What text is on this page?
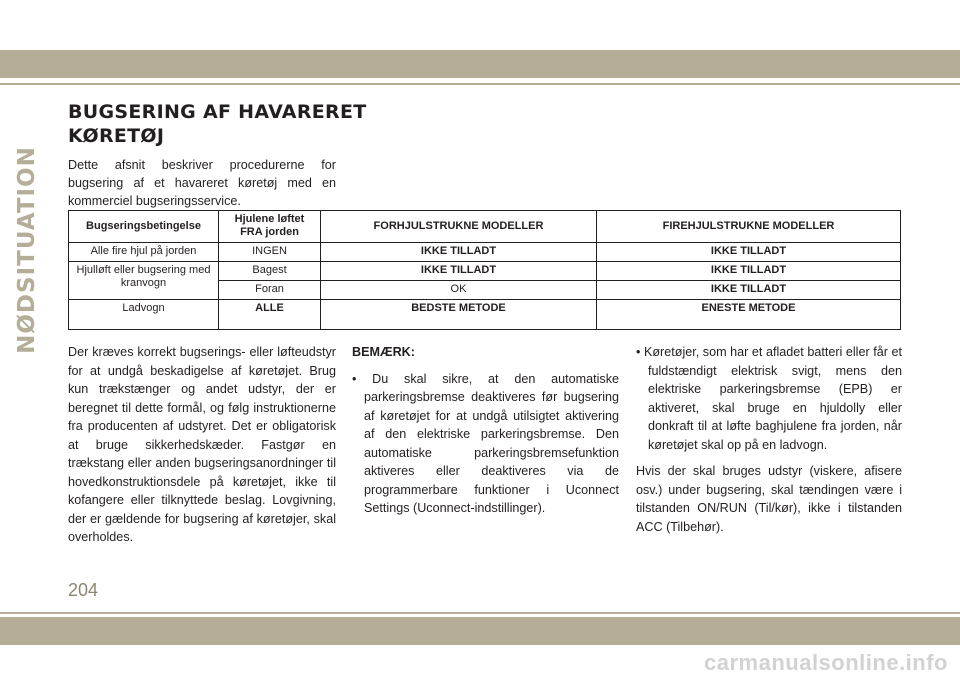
NØDSITUATION
BUGSERING AF HAVARERET
KØRETØJ

Dette afsnit beskriver procedurerne for bugsering af et havareret køretøj med en kommerciel bugseringsservice.

Bugseringsbetingelse	Hjulene løftet FRA jorden	FORHJULSTRUKNE MODELLER	FIREHJULSTRUKNE MODELLER
Alle fire hjul på jorden	INGEN	IKKE TILLADT	IKKE TILLADT
Hjulløft eller bugsering med kranvogn	Bagest	IKKE TILLADT	IKKE TILLADT
	Foran	OK	IKKE TILLADT
Ladvogn	ALLE	BEDSTE METODE	ENESTE METODE

Der kræves korrekt bugserings- eller løfteudstyr for at undgå beskadigelse af køretøjet. Brug kun trækstænger og andet udstyr, der er beregnet til dette formål, og følg instruktionerne fra producenten af udstyret. Det er obligatorisk at bruge sikkerhedskæder. Fastgør en trækstang eller anden bugseringsanordninger til hovedkonstruktionsdele på køretøjet, ikke til kofangere eller tilknyttede beslag. Lovgivning, der er gældende for bugsering af køretøjer, skal overholdes.

BEMÆRK:

• Du skal sikre, at den automatiske parkeringsbremse deaktiveres før bugsering af køretøjet for at undgå utilsigtet aktivering af den elektriske parkeringsbremse. Den automatiske parkeringsbremsefunktion aktiveres eller deaktiveres via de programmerbare funktioner i Uconnect Settings (Uconnect-indstillinger).

• Køretøjer, som har et afladet batteri eller får et fuldstændigt elektrisk svigt, mens den elektriske parkeringsbremse (EPB) er aktiveret, skal bruge en hjuldolly eller donkraft til at løfte baghjulene fra jorden, når køretøjet skal op på en ladvogn.

Hvis der skal bruges udstyr (viskere, afisere osv.) under bugsering, skal tændingen være i tilstanden ON/RUN (Til/kør), ikke i tilstanden ACC (Tilbehør).

204
carmanualsonline.info
